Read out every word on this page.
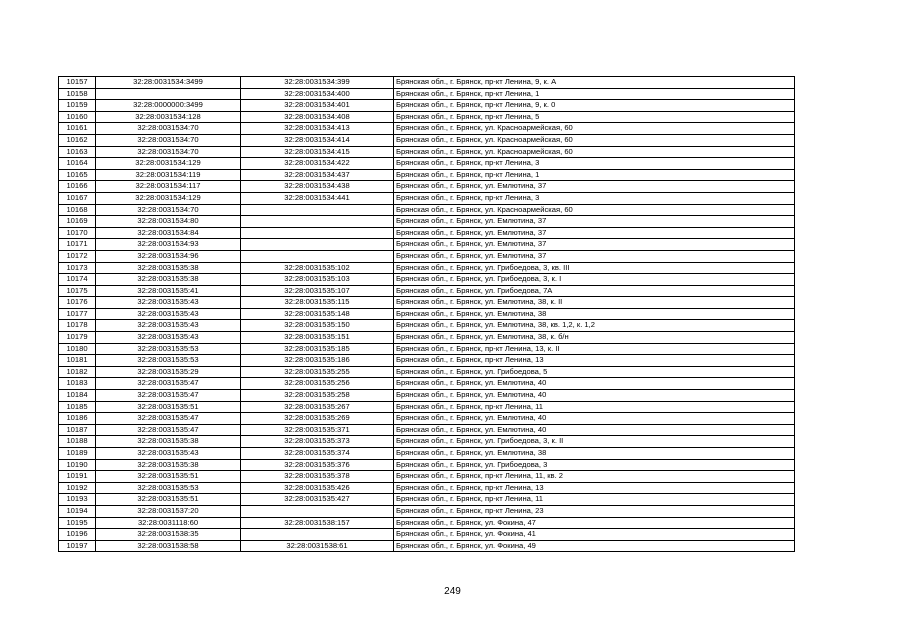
10157	32:28:0031534:3499	32:28:0031534:399	Брянская обл., г. Брянск, пр-кт Ленина, 9, к. А
10158		32:28:0031534:400	Брянская обл., г. Брянск, пр-кт Ленина, 1
10159	32:28:0000000:3499	32:28:0031534:401	Брянская обл., г. Брянск, пр-кт Ленина, 9, к. 0
10160	32:28:0031534:128	32:28:0031534:408	Брянская обл., г. Брянск, пр-кт Ленина, 5
10161	32:28:0031534:70	32:28:0031534:413	Брянская обл., г. Брянск, ул. Красноармейская, 60
10162	32:28:0031534:70	32:28:0031534:414	Брянская обл., г. Брянск, ул. Красноармейская, 60
10163	32:28:0031534:70	32:28:0031534:415	Брянская обл., г. Брянск, ул. Красноармейская, 60
10164	32:28:0031534:129	32:28:0031534:422	Брянская обл., г. Брянск, пр-кт Ленина, 3
10165	32:28:0031534:119	32:28:0031534:437	Брянская обл., г. Брянск, пр-кт Ленина, 1
10166	32:28:0031534:117	32:28:0031534:438	Брянская обл., г. Брянск, ул. Емлютина, 37
10167	32:28:0031534:129	32:28:0031534:441	Брянская обл., г. Брянск, пр-кт Ленина, 3
10168	32:28:0031534:70		Брянская обл., г. Брянск, ул. Красноармейская, 60
10169	32:28:0031534:80		Брянская обл., г. Брянск, ул. Емлютина, 37
10170	32:28:0031534:84		Брянская обл., г. Брянск, ул. Емлютина, 37
10171	32:28:0031534:93		Брянская обл., г. Брянск, ул. Емлютина, 37
10172	32:28:0031534:96		Брянская обл., г. Брянск, ул. Емлютина, 37
10173	32:28:0031535:38	32:28:0031535:102	Брянская обл., г. Брянск, ул. Грибоедова, 3, кв. III
10174	32:28:0031535:38	32:28:0031535:103	Брянская обл., г. Брянск, ул. Грибоедова, 3, к. I
10175	32:28:0031535:41	32:28:0031535:107	Брянская обл., г. Брянск, ул. Грибоедова, 7А
10176	32:28:0031535:43	32:28:0031535:115	Брянская обл., г. Брянск, ул. Емлютина, 38, к. II
10177	32:28:0031535:43	32:28:0031535:148	Брянская обл., г. Брянск, ул. Емлютина, 38
10178	32:28:0031535:43	32:28:0031535:150	Брянская обл., г. Брянск, ул. Емлютина, 38, кв. 1,2, к. 1,2
10179	32:28:0031535:43	32:28:0031535:151	Брянская обл., г. Брянск, ул. Емлютина, 38, к. б/н
10180	32:28:0031535:53	32:28:0031535:185	Брянская обл., г. Брянск, пр-кт Ленина, 13, к. II
10181	32:28:0031535:53	32:28:0031535:186	Брянская обл., г. Брянск, пр-кт Ленина, 13
10182	32:28:0031535:29	32:28:0031535:255	Брянская обл., г. Брянск, ул. Грибоедова, 5
10183	32:28:0031535:47	32:28:0031535:256	Брянская обл., г. Брянск, ул. Емлютина, 40
10184	32:28:0031535:47	32:28:0031535:258	Брянская обл., г. Брянск, ул. Емлютина, 40
10185	32:28:0031535:51	32:28:0031535:267	Брянская обл., г. Брянск, пр-кт Ленина, 11
10186	32:28:0031535:47	32:28:0031535:269	Брянская обл., г. Брянск, ул. Емлютина, 40
10187	32:28:0031535:47	32:28:0031535:371	Брянская обл., г. Брянск, ул. Емлютина, 40
10188	32:28:0031535:38	32:28:0031535:373	Брянская обл., г. Брянск, ул. Грибоедова, 3, к. II
10189	32:28:0031535:43	32:28:0031535:374	Брянская обл., г. Брянск, ул. Емлютина, 38
10190	32:28:0031535:38	32:28:0031535:376	Брянская обл., г. Брянск, ул. Грибоедова, 3
10191	32:28:0031535:51	32:28:0031535:378	Брянская обл., г. Брянск, пр-кт Ленина, 11, кв. 2
10192	32:28:0031535:53	32:28:0031535:426	Брянская обл., г. Брянск, пр-кт Ленина, 13
10193	32:28:0031535:51	32:28:0031535:427	Брянская обл., г. Брянск, пр-кт Ленина, 11
10194	32:28:0031537:20		Брянская обл., г. Брянск, пр-кт Ленина, 23
10195	32:28:0031118:60	32:28:0031538:157	Брянская обл., г. Брянск, ул. Фокина, 47
10196	32:28:0031538:35		Брянская обл., г. Брянск, ул. Фокина, 41
10197	32:28:0031538:58	32:28:0031538:61	Брянская обл., г. Брянск, ул. Фокина, 49
249
